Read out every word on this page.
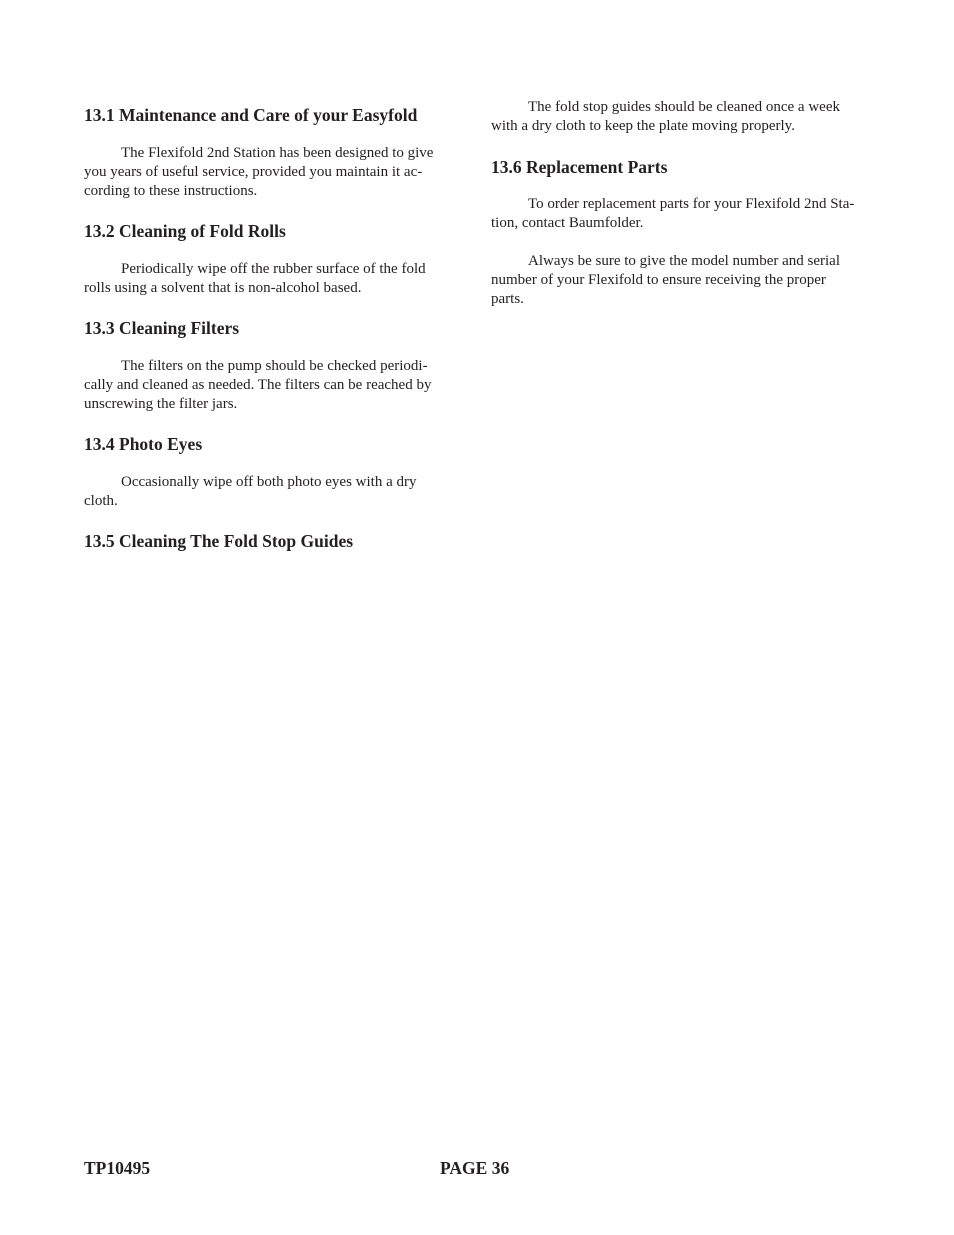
13.1 Maintenance and Care of your Easyfold

The Flexifold 2nd Station has been designed to give
you years of useful service, provided you maintain it ac-
cording to these instructions.

13.2 Cleaning of Fold Rolls

Periodically wipe off the rubber surface of the fold
rolls using a solvent that is non-alcohol based.

13.3 Cleaning Filters

The filters on the pump should be checked periodi-
cally and cleaned as needed. The filters can be reached by
unscrewing the filter jars.

13.4 Photo Eyes

Occasionally wipe off both photo eyes with a dry
cloth.

13.5 Cleaning The Fold Stop Guides

The fold stop guides should be cleaned once a week
with a dry cloth to keep the plate moving properly.

13.6 Replacement Parts

To order replacement parts for your Flexifold 2nd Sta-
tion, contact Baumfolder.

Always be sure to give the model number and serial
number of your Flexifold to ensure receiving the proper
parts.

TP10495	PAGE 36
